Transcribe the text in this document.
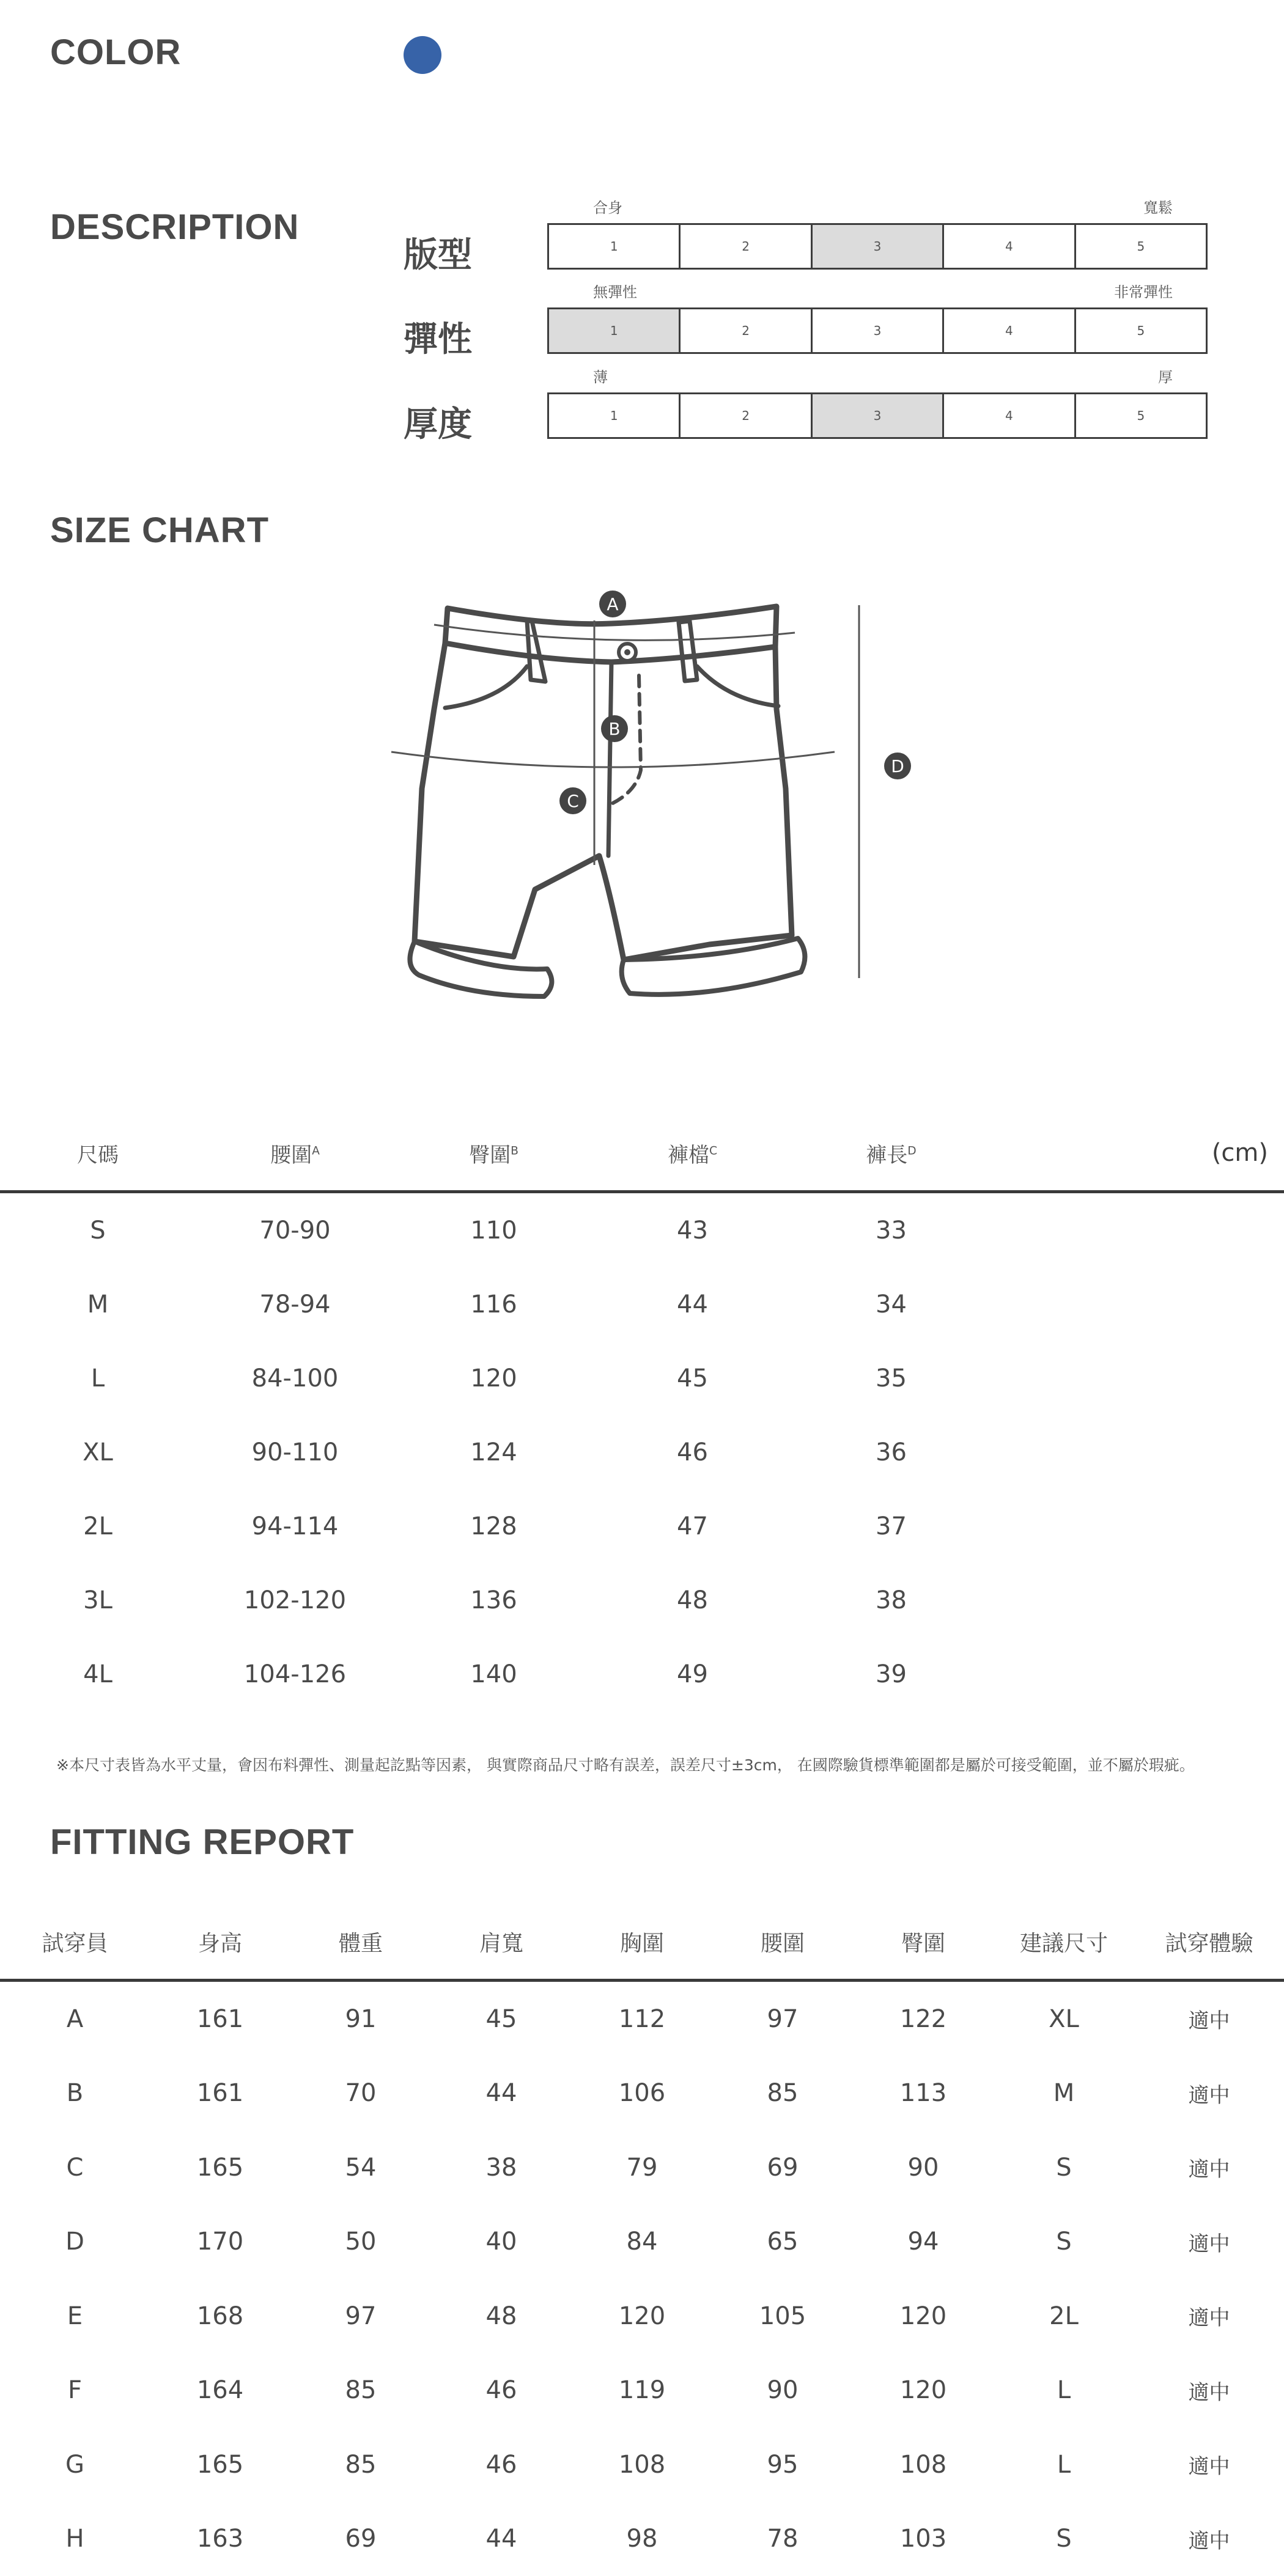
COLOR
DESCRIPTION
版型
合身	寬鬆
1	2	3	4	5
彈性
無彈性	非常彈性
1	2	3	4	5
厚度
薄	厚
1	2	3	4	5
SIZE CHART
A
B
C
D
尺碼	腰圍$^A$	臀圍$^B$	褲檔$^C$	褲長$^D$	(cm)
S	70-90	110	43	33	
M	78-94	116	44	34	
L	84-100	120	45	35	
XL	90-110	124	46	36	
2L	94-114	128	47	37	
3L	102-120	136	48	38	
4L	104-126	140	49	39	
※本尺寸表皆為水平丈量，會因布料彈性、測量起訖點等因素， 與實際商品尺寸略有誤差，誤差尺寸±3cm， 在國際驗貨標準範圍都是屬於可接受範圍，並不屬於瑕疵。
FITTING REPORT
試穿員	身高	體重	肩寬	胸圍	腰圍	臀圍	建議尺寸	試穿體驗
A	161	91	45	112	97	122	XL	適中
B	161	70	44	106	85	113	M	適中
C	165	54	38	79	69	90	S	適中
D	170	50	40	84	65	94	S	適中
E	168	97	48	120	105	120	2L	適中
F	164	85	46	119	90	120	L	適中
G	165	85	46	108	95	108	L	適中
H	163	69	44	98	78	103	S	適中
